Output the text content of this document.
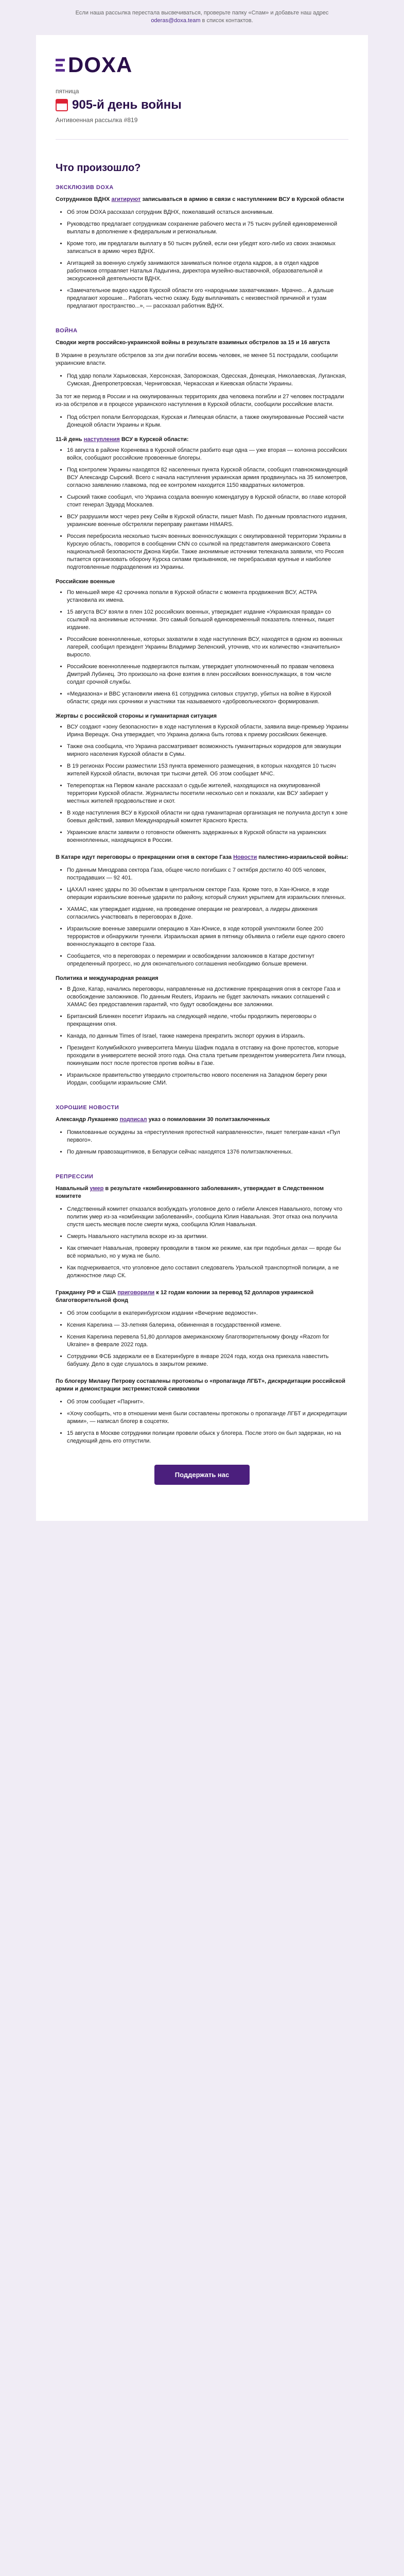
Если наша рассылка перестала высвечиваться, проверьте папку «Спам» и добавьте наш адрес oderas@doxa.team в список контактов.
DOXA
пятница
905-й день войны
Антивоенная рассылка #819
Что произошло?
ЭКСКЛЮЗИВ DOXA

Сотрудников ВДНХ агитируют записываться в армию в связи с наступлением ВСУ в Курской области

• Об этом DOXA рассказал сотрудник ВДНХ, пожелавший остаться анонимным.
• Руководство предлагает сотрудникам сохранение рабочего места и 75 тысяч рублей единовременной выплаты в дополнение к федеральным и региональным.
• Кроме того, им предлагали выплату в 50 тысяч рублей, если они убедят кого-либо из своих знакомых записаться в армию через ВДНХ.
• Агитацией за военную службу занимаются заниматься полное отдела кадров, а в отдел кадров работников отправляет Наталья Ладыгина, директора музейно-выставочной, образовательной и экскурсионной деятельности ВДНХ.
• «Замечательное видео кадров Курской области ого «народными захватчиками». Мрачно... А дальше предлагают хорошие... Работать честно скажу. Буду выплачивать с неизвестной причиной и тузам предлагают пространство...», — рассказал работник ВДНХ.
ВОЙНА

Сводки жертв российско-украинской войны в результате взаимных обстрелов за 15 и 16 августа

В Украине в результате обстрелов за эти дни погибли восемь человек, не менее 51 пострадали, сообщили украинские власти.

• Под удар попали Харьковская, Херсонская, Запорожская, Одесская, Донецкая, Николаевская, Луганская, Сумская, Днепропетровская, Черниговская, Черкасская и Киевская области Украины.

За тот же период в России и на оккупированных территориях два человека погибли и 27 человек пострадали из-за обстрелов и в процессе украинского наступления в Курской области, сообщили российские власти.

• Под обстрел попали Белгородская, Курская и Липецкая области, а также оккупированные Россией части Донецкой области Украины и Крым.
11-й день наступления ВСУ в Курской области:
• 16 августа в районе Кореневка в Курской области разбито еще одна — уже вторая — колонна российских войск, сообщают российские провоенные блогеры.
• Под контролем Украины находятся 82 населенных пункта Курской области, сообщил главнокомандующий ВСУ Александр Сырский. Всего с начала наступления украинская армия продвинулась на 35 километров, согласно заявлению главкома, под ее контролем находится 1150 квадратных километров.
• Сырский также сообщил, что Украина создала военную комендатуру в Курской области, во главе которой стоит генерал Эдуард Москалев.
• ВСУ разрушили мост через реку Сейм в Курской области, пишет Mash. По данным провластного издания, украинские военные обстреляли переправу ракетами HIMARS.
• Россия перебросила несколько тысяч военных военнослужащих с оккупированной территории Украины в Курскую область, говорится в сообщении CNN со ссылкой на представителя американского Совета национальной безопасности Джона Кирби. Также анонимные источники телеканала заявили, что Россия пытается организовать оборону Курска силами призывников, не перебрасывая крупные и наиболее подготовленные подразделения из Украины.
Российские военные
• По меньшей мере 42 срочника попали в Курской области с момента продвижения ВСУ, АСТРА установила их имена.
• 15 августа ВСУ взяли в плен 102 российских военных, утверждает издание «Украинская правда» со ссылкой на анонимные источники. Это самый большой единовременный показатель пленных, пишет издание.
• Российские военнопленные, которых захватили в ходе наступления ВСУ, находятся в одном из военных лагерей, сообщил президент Украины Владимир Зеленский, уточнив, что их количество «значительно» выросло.
• Российские военнопленные подвергаются пыткам, утверждает уполномоченный по правам человека Дмитрий Лубинец. Это произошло на фоне взятия в плен российских военнослужащих, в том числе солдат срочной службы.
• «Медиазона» и BBC установили имена 61 сотрудника силовых структур, убитых на войне в Курской области; среди них срочники и участники так называемого «добровольческого» формирования.
Жертвы с российской стороны и гуманитарная ситуация
• ВСУ создают «зону безопасности» в ходе наступления в Курской области, заявила вице-премьер Украины Ирина Верещук. Она утверждает, что Украина должна быть готова к приему российских беженцев.
• Также она сообщила, что Украина рассматривает возможность гуманитарных коридоров для эвакуации мирного населения Курской области в Сумы.
• В 19 регионах России разместили 153 пункта временного размещения, в которых находятся 10 тысяч жителей Курской области, включая три тысячи детей. Об этом сообщает МЧС.
• Телерепортаж на Первом канале рассказал о судьбе жителей, находящихся на оккупированной территории Курской области. Журналисты посетили несколько сел и показали, как ВСУ забирает у местных жителей продовольствие и скот.
• В ходе наступления ВСУ в Курской области ни одна гуманитарная организация не получила доступ к зоне боевых действий, заявил Международный комитет Красного Креста.
• Украинские власти заявили о готовности обменять задержанных в Курской области на украинских военнопленных, находящихся в России.

В Катаре идут переговоры о прекращении огня в секторе Газа Новости палестино-израильской войны:

• По данным Минздрава сектора Газа, общее число погибших с 7 октября достигло 40 005 человек, пострадавших — 92 401.
• ЦАХАЛ нанес удары по 30 объектам в центральном секторе Газа. Кроме того, в Хан-Юнисе, в ходе операции израильские военные ударили по району, который служил укрытием для израильских пленных.
• ХАМАС, как утверждает издание, на проведение операции не реагировал, а лидеры движения согласились участвовать в переговорах в Дохе.
• Израильские военные завершили операцию в Хан-Юнисе, в ходе которой уничтожили более 200 террористов и обнаружили туннели. Израильская армия в пятницу объявила о гибели еще одного своего военнослужащего в секторе Газа.
• Сообщается, что в переговорах о перемирии и освобождении заложников в Катаре достигнут определенный прогресс, но для окончательного соглашения необходимо больше времени.
Политика и международная реакция
• В Дохе, Катар, начались переговоры, направленные на достижение прекращения огня в секторе Газа и освобождение заложников. По данным Reuters, Израиль не будет заключать никаких соглашений с ХАМАС без предоставления гарантий, что будут освобождены все заложники.
• Британский Блинкен посетит Израиль на следующей неделе, чтобы продолжить переговоры о прекращении огня.
• Канада, по данным Times of Israel, также намерена прекратить экспорт оружия в Израиль.
• Президент Колумбийского университета Минуш Шафик подала в отставку на фоне протестов, которые проходили в университете весной этого года. Она стала третьим президентом университета Лиги плюща, покинувшим пост после протестов против войны в Газе.
• Израильское правительство утвердило строительство нового поселения на Западном берегу реки Иордан, сообщили израильские СМИ.
ХОРОШИЕ НОВОСТИ

Александр Лукашенко подписал указ о помиловании 30 политзаключенных

• Помилованные осуждены за «преступления протестной направленности», пишет телеграм-канал «Пул первого».
• По данным правозащитников, в Беларуси сейчас находятся 1376 политзаключенных.
РЕПРЕССИИ

Навальный умер в результате «комбинированного заболевания», утверждает в Следственном комитете

• Следственный комитет отказался возбуждать уголовное дело о гибели Алексея Навального, потому что политик умер из-за «комбинации заболеваний», сообщила Юлия Навальная. Этот отказ она получила спустя шесть месяцев после смерти мужа, сообщила Юлия Навальная.
• Смерть Навального наступила вскоре из-за аритмии.
• Как отмечает Навальная, проверку проводили в таком же режиме, как при подобных делах — вроде бы всё нормально, но у мужа не было.
• Как подчеркивается, что уголовное дело составил следователь Уральской транспортной полиции, а не должностное лицо СК.

Гражданку РФ и США приговорили к 12 годам колонии за перевод 52 долларов украинской благотворительной фонд

• Об этом сообщили в екатеринбургском издании «Вечерние ведомости».
• Ксения Карелина — 33-летняя балерина, обвиненная в государственной измене.
• Ксения Карелина перевела 51,80 долларов американскому благотворительному фонду «Razom for Ukraine» в феврале 2022 года.
• Сотрудники ФСБ задержали ее в Екатеринбурге в январе 2024 года, когда она приехала навестить бабушку. Дело в суде слушалось в закрытом режиме.

По блогеру Милану Петрову составлены протоколы о «пропаганде ЛГБТ», дискредитации российской армии и демонстрации экстремистской символики

• Об этом сообщает «Парнит».
• «Хочу сообщить, что в отношении меня были составлены протоколы о пропаганде ЛГБТ и дискредитации армии», — написал блогер в соцсетях.
• 15 августа в Москве сотрудники полиции провели обыск у блогера. После этого он был задержан, но на следующий день его отпустили.
Поддержать нас
